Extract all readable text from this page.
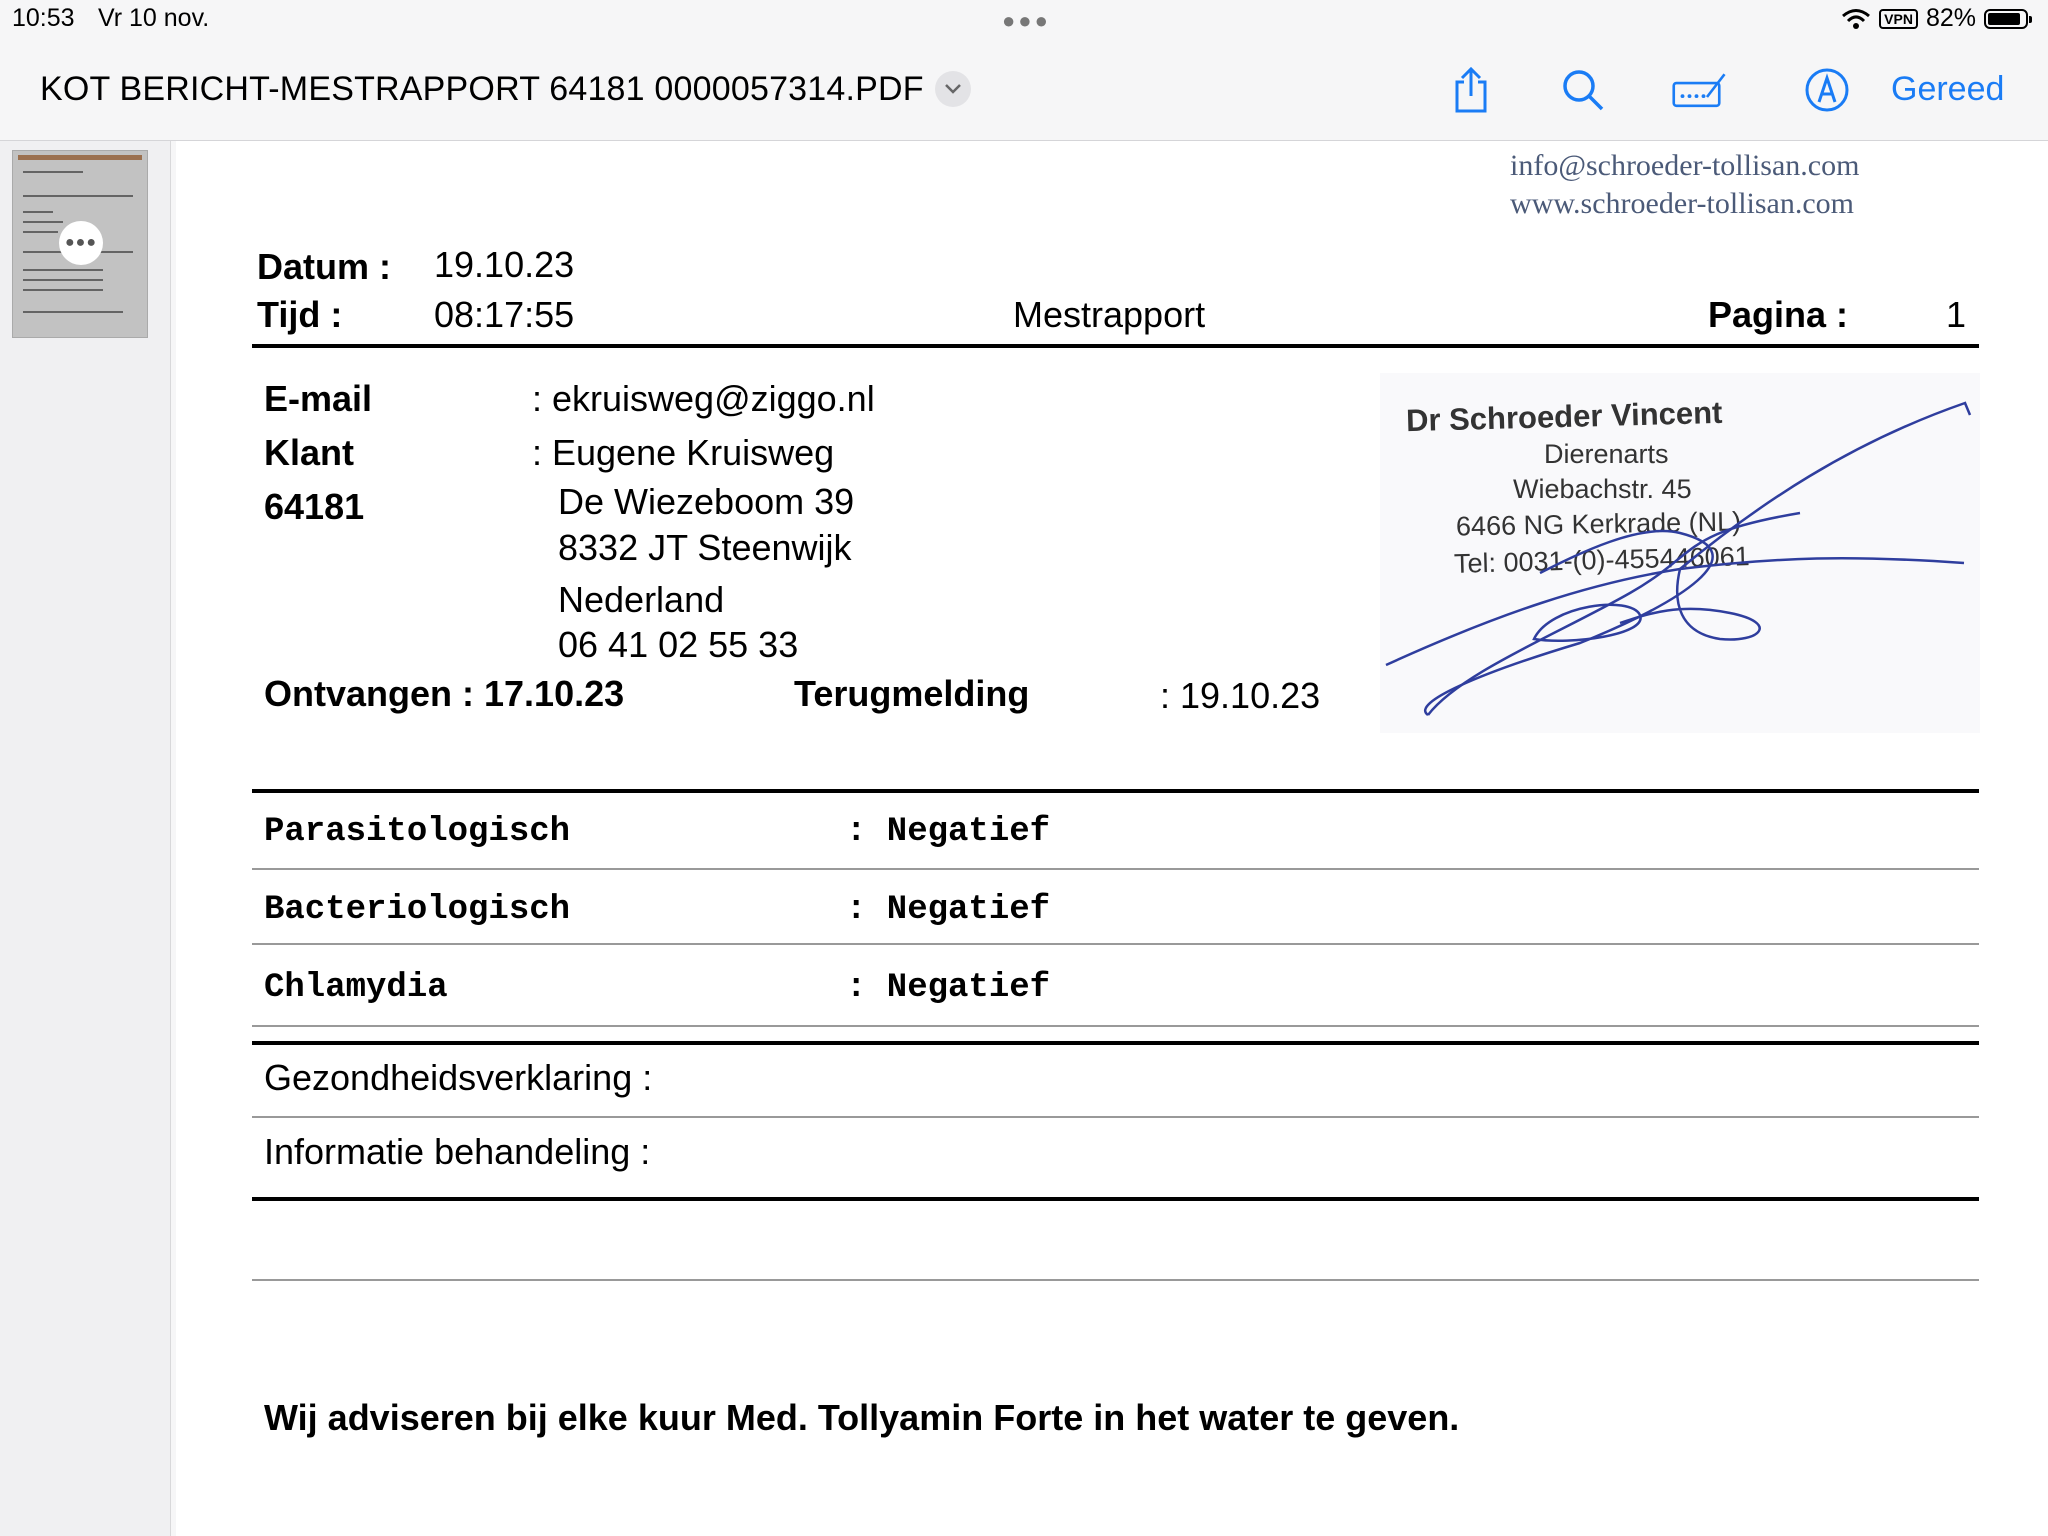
10:53 Vr 10 nov.	●●●	VPN 82%
KOT BERICHT-MESTRAPPORT 64181 0000057314.PDF	Gereed
●●●
info@schroeder-tollisan.com
www.schroeder-tollisan.com
Datum : 19.10.23
Tijd :	08:17:55	Mestrapport	Pagina :	1
E-mail	: ekruisweg@ziggo.nl
Klant	: Eugene Kruisweg
64181	De Wiezeboom 39
8332 JT Steenwijk
Nederland
06 41 02 55 33
Ontvangen : 17.10.23	Terugmelding	: 19.10.23
Dr Schroeder Vincent
Dierenarts
Wiebachstr. 45
6466 NG Kerkrade (NL)
Tel: 0031-(0)-455446061
Parasitologisch	: Negatief
Bacteriologisch	: Negatief
Chlamydia	: Negatief
Gezondheidsverklaring :
Informatie behandeling :
Wij adviseren bij elke kuur Med. Tollyamin Forte in het water te geven.
